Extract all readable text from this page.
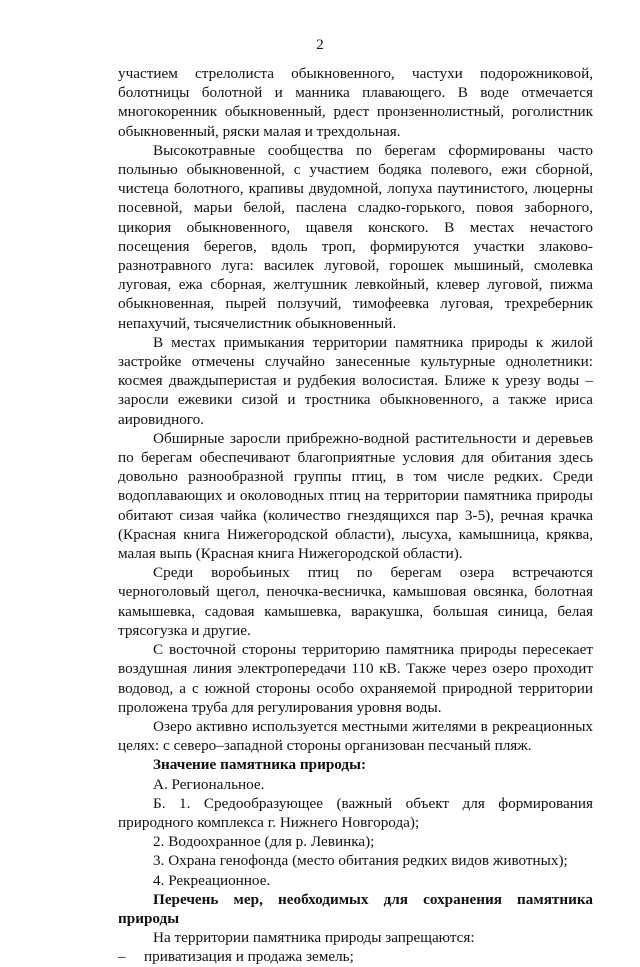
2

участием стрелолиста обыкновенного, частухи подорожниковой, болотницы болотной и манника плавающего. В воде отмечается многокоренник обыкновенный, рдест пронзеннолистный, роголистник обыкновенный, ряски малая и трехдольная.

Высокотравные сообщества по берегам сформированы часто полынью обыкновенной, с участием бодяка полевого, ежи сборной, чистеца болотного, крапивы двудомной, лопуха паутинистого, люцерны посевной, марьи белой, паслена сладко-горького, повоя заборного, цикория обыкновенного, щавеля конского. В местах нечастого посещения берегов, вдоль троп, формируются участки злаково-разнотравного луга: василек луговой, горошек мышиный, смолевка луговая, ежа сборная, желтушник левкойный, клевер луговой, пижма обыкновенная, пырей ползучий, тимофеевка луговая, трехреберник непахучий, тысячелистник обыкновенный.

В местах примыкания территории памятника природы к жилой застройке отмечены случайно занесенные культурные однолетники: космея дваждыперистая и рудбекия волосистая. Ближе к урезу воды – заросли ежевики сизой и тростника обыкновенного, а также ириса аировидного.

Обширные заросли прибрежно-водной растительности и деревьев по берегам обеспечивают благоприятные условия для обитания здесь довольно разнообразной группы птиц, в том числе редких. Среди водоплавающих и околоводных птиц на территории памятника природы обитают сизая чайка (количество гнездящихся пар 3-5), речная крачка (Красная книга Нижегородской области), лысуха, камышница, кряква, малая выпь (Красная книга Нижегородской области).

Среди воробьиных птиц по берегам озера встречаются черноголовый щегол, пеночка-весничка, камышовая овсянка, болотная камышевка, садовая камышевка, варакушка, большая синица, белая трясогузка и другие.

С восточной стороны территорию памятника природы пересекает воздушная линия электропередачи 110 кВ. Также через озеро проходит водовод, а с южной стороны особо охраняемой природной территории проложена труба для регулирования уровня воды.

Озеро активно используется местными жителями в рекреационных целях: с северо–западной стороны организован песчаный пляж.

Значение памятника природы:

А. Региональное.

Б. 1. Средообразующее (важный объект для формирования природного комплекса г. Нижнего Новгорода);

2. Водоохранное (для р. Левинка);

3. Охрана генофонда (место обитания редких видов животных);

4. Рекреационное.

Перечень мер, необходимых для сохранения памятника природы

На территории памятника природы запрещаются:

–	приватизация и продажа земель;
